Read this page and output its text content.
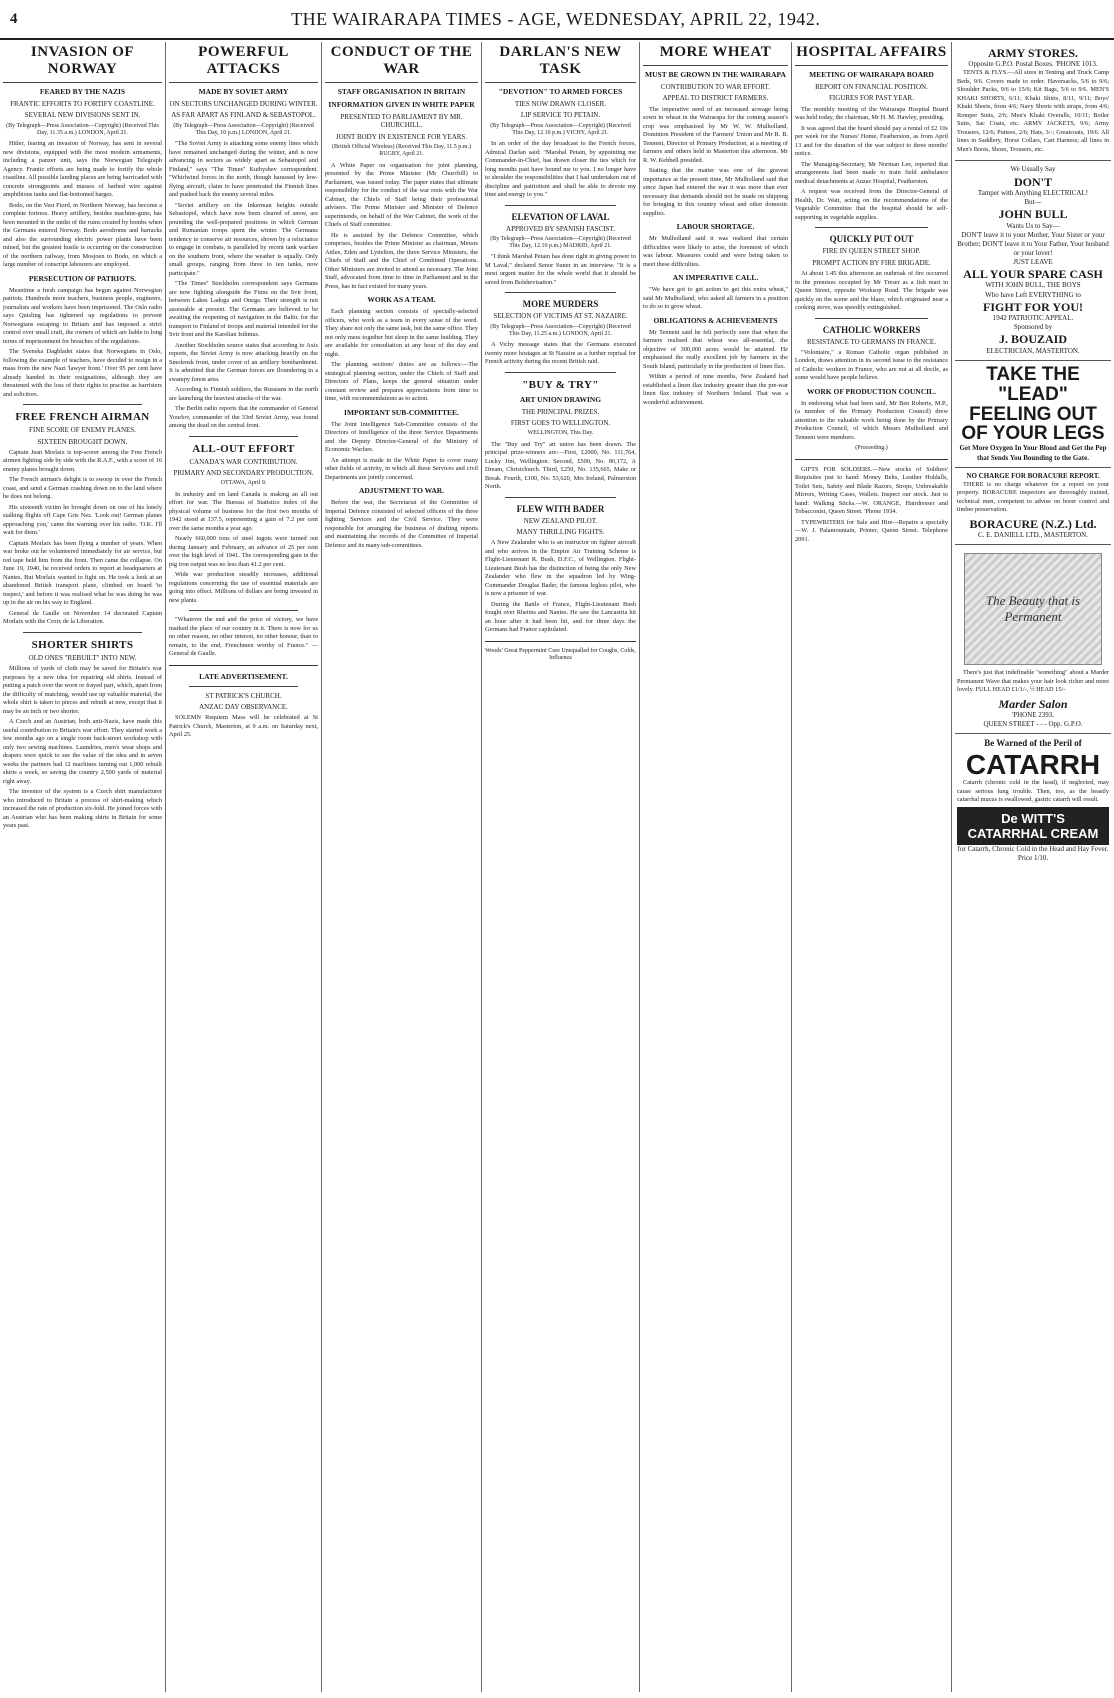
4	THE WAIRARAPA TIMES - AGE, WEDNESDAY, APRIL 22, 1942.
INVASION OF NORWAY
FEARED BY THE NAZIS
FRANTIC EFFORTS TO FORTIFY COASTLINE.
SEVERAL NEW DIVISIONS SENT IN.
(By Telegraph—Press Association—Copyright) (Received This Day, 11.35 a.m.) LONDON, April 21.

Hitler, fearing an invasion of Norway, has sent in several new divisions, equipped with the most modern armaments, including a panzer unit, says the Norwegian Telegraph Agency. Frantic efforts are being made to fortify the whole coastline. All possible landing places are being barricaded with concrete strongpoints and masses of barbed wire against amphibious tanks and flat-bottomed barges.

Bodo, on the Vest Fiord, in Northern Norway, has become a complete fortress. Heavy artillery, besides machine-guns, has been mounted in the midst of the ruins created by bombs when the Germans entered Norway. Bodo aerodrome and barracks and also the surrounding electric power plants have been mined, but the greatest hustle is occurring on the construction of the northern railway, from Mosjoen to Bodo, on which a large number of conscript labourers are employed.

PERSECUTION OF PATRIOTS.

Meantime a fresh campaign has begun against Norwegian patriots. Hundreds more teachers, business people, engineers, journalists and workers have been imprisoned. The Oslo radio says Quisling has tightened up regulations to prevent Norwegians escaping to Britain and has imposed a strict control over small craft, the owners of which are liable to long terms of imprisonment for breaches of the regulations.

The Svenska Dagbladet states that Norwegians in Oslo, following the example of teachers, have decided to resign in a mass from the new Nazi 'lawyer front.' Over 95 per cent have already handed in their resignations, although they are threatened with the loss of their rights to practise as barristers and solicitors.

FREE FRENCH AIRMAN
FINE SCORE OF ENEMY PLANES.
SIXTEEN BROUGHT DOWN.

Captain Jean Morlaix is top-scorer among the Free French airmen fighting side by side with the R.A.F., with a score of 16 enemy planes brought down.

The French airman's delight is to swoop in over the French coast, and send a German crashing down on to the land where he does not belong.

His sixteenth victim he brought down on one of his lonely stalking flights off Cape Gris Nez. 'Look out! German planes approaching you,' came the warning over his radio. 'O.K. I'll wait for them.'

Captain Morlaix has been flying a number of years. When war broke out he volunteered immediately for air service, but red tape held him from the front. Then came the collapse. On June 19, 1940, he received orders to report at headquarters at Nantes. But Morlaix wanted to fight on. He took a look at an abandoned British transport plane, climbed on board 'to inspect,' and before it was realised what he was doing he was up in the air on his way to England.

General de Gaulle on November 14 decorated Captain Morlaix with the Croix de la Liberation.

SHORTER SHIRTS
OLD ONES "REBUILT" INTO NEW.

Millions of yards of cloth may be saved for Britain's war purposes by a new idea for repairing old shirts. Instead of putting a patch over the worn or frayed part, which, apart from the difficulty of matching, would use up valuable material, the whole shirt is taken to pieces and rebuilt at new, except that it may be an inch or two shorter.

A Czech and an Austrian, both anti-Nazis, have made this useful contribution to Britain's war effort. They started work a few months ago on a single room back-street workshop with only two sewing machines. Laundries, men's wear shops and drapers were quick to see the value of the idea and in seven weeks the partners had 12 machines turning out 1,000 rebuilt shirts a week, so saving the country 2,500 yards of material right away.

The inventor of the system is a Czech shirt manufacturer who introduced to Britain a process of shirt-making which increased the rate of production six-fold. He joined forces with an Austrian who has been making shirts in Britain for some years past.

POWERFUL ATTACKS
MADE BY SOVIET ARMY
ON SECTORS UNCHANGED DURING WINTER.
AS FAR APART AS FINLAND & SEBASTOPOL.
(By Telegraph—Press Association—Copyright) (Received This Day, 10 p.m.) LONDON, April 21.

"The Soviet Army is attacking some enemy lines which have remained unchanged during the winter, and is now advancing in sectors as widely apart as Sebastopol and Finland," says "The Times" Kuibyshev correspondent. "Whirlwind forces in the north, though harassed by low-flying aircraft, claim to have penetrated the Finnish lines and pushed back the enemy several miles.

"Soviet artillery on the Inkerman heights outside Sebastopol, which have now been cleared of snow, are pounding the well-prepared positions in which German and Rumanian troops spent the winter. The Germans tendency to conserve air resources, shown by a reluctance to engage in combats, is paralleled by recent tank warfare on the southern front, where the weather is squally. Only small groups, ranging from three to ten tanks, now participate."

"The Times" Stockholm correspondent says Germans are now fighting alongside the Finns on the Svir front, between Lakes Ladoga and Onega. Their strength is not assessable at present. The Germans are believed to be awaiting the reopening of navigation in the Baltic for the transport to Finland of troops and material intended for the Svir front and the Karelian Isthmus.

Another Stockholm source states that according to Axis reports, the Soviet Army is now attacking heavily on the Smolensk front, under cover of an artillery bombardment. It is admitted that the German forces are floundering in a swampy forest area.

According to Finnish soldiers, the Russians in the north are launching the heaviest attacks of the war.

The Berlin radio reports that the commander of General Yourlov, commander of the 33rd Soviet Army, was found among the dead on the central front.

ALL-OUT EFFORT
CANADA'S WAR CONTRIBUTION.
PRIMARY AND SECONDARY PRODUCTION.
OTTAWA, April 9.

In industry and on land Canada is making an all out effort for war. The Bureau of Statistics index of the physical volume of business for the first two months of 1942 stood at 137.5, representing a gain of 7.2 per cent over the same months a year ago.

Nearly 660,000 tons of steel ingots were turned out during January and February, an advance of 25 per cent over the high level of 1941. The corresponding gain in the pig iron output was no less than 41.2 per cent.

Wide war production steadily increases, additional regulations concerning the use of essential materials are going into effect. Millions of dollars are being invested in new plants.

"Whatever the end and the price of victory, we have marked the place of our country in it. There is now for us no other reason, no other interest, no other honour, than to remain, to the end, Frenchmen worthy of France." —General de Gaulle.

LATE ADVERTISEMENT.
ST PATRICK'S CHURCH.
ANZAC DAY OBSERVANCE.

SOLEMN Requiem Mass will be celebrated at St Patrick's Church, Masterton, at 9 a.m. on Saturday next, April 25.

CONDUCT OF THE WAR
STAFF ORGANISATION IN BRITAIN
INFORMATION GIVEN IN WHITE PAPER
PRESENTED TO PARLIAMENT BY MR. CHURCHILL.
JOINT BODY IN EXISTENCE FOR YEARS.
(British Official Wireless) (Received This Day, 11.5 p.m.) RUGBY, April 21.

A White Paper on organisation for joint planning, presented by the Prime Minister (Mr Churchill) to Parliament, was issued today. The paper states that ultimate responsibility for the conduct of the war rests with the War Cabinet, the Chiefs of Staff being their professional advisers. The Prime Minister and Minister of Defence superintends, on behalf of the War Cabinet, the work of the Chiefs of Staff committee.

He is assisted by the Defence Committee, which comprises, besides the Prime Minister as chairman, Messrs Attlee, Eden and Lyttelton, the three Service Ministers, the Chiefs of Staff and the Chief of Combined Operations. Other Ministers are invited to attend as necessary. The Joint Staff, advocated from time to time in Parliament and in the Press, has in fact existed for many years.

WORK AS A TEAM.

Each planning section consists of specially-selected officers, who work as a team in every sense of the word. They share not only the same task, but the same office. They not only mess together but sleep in the same building. They are available for consultation at any hour of the day and night.

The planning sections' duties are as follows:—The strategical planning section, under the Chiefs of Staff and Directors of Plans, keeps the general situation under constant review and prepares appreciations from time to time, with recommendations as to action.

IMPORTANT SUB-COMMITTEE.

The Joint Intelligence Sub-Committee consists of the Directors of Intelligence of the three Service Departments and the Deputy Director-General of the Ministry of Economic Warfare.

An attempt is made in the White Paper to cover many other fields of activity, in which all these Services and civil Departments are jointly concerned.

ADJUSTMENT TO WAR.

Before the war, the Secretariat of the Committee of Imperial Defence consisted of selected officers of the three fighting Services and the Civil Service. They were responsible for arranging the business of drafting reports and maintaining the records of the Committee of Imperial Defence and its many sub-committees.

DARLAN'S NEW TASK
"DEVOTION" TO ARMED FORCES
TIES NOW DRAWN CLOSER.
LIP SERVICE TO PETAIN.
(By Telegraph—Press Association—Copyright) (Received This Day, 12.10 p.m.) VICHY, April 21.

In an order of the day broadcast to the French forces, Admiral Darlan said: "Marshal Petain, by appointing me Commander-in-Chief, has drawn closer the ties which for long months past have bound me to you. I no longer have to shoulder the responsibilities that I had undertaken out of discipline and patriotism and shall be able to devote my time and energy to you."

ELEVATION OF LAVAL
APPROVED BY SPANISH FASCIST.
(By Telegraph—Press Association—Copyright) (Received This Day, 12.10 p.m.) MADRID, April 21.

"I think Marshal Petain has done right in giving power to M Laval," declared Senor Suner in an interview. "It is a most urgent matter for the whole world that it should be saved from Bolshevisation."

MORE MURDERS
SELECTION OF VICTIMS AT ST. NAZAIRE.
(By Telegraph—Press Association—Copyright) (Received This Day, 11.25 a.m.) LONDON, April 21.

A Vichy message states that the Germans executed twenty more hostages at St Nazaire as a further reprisal for French activity during the recent British raid.

"BUY & TRY"
ART UNION DRAWING
THE PRINCIPAL PRIZES.
FIRST GOES TO WELLINGTON.
WELLINGTON, This Day.

The "Buy and Try" art union has been drawn. The principal prize-winners are:—First, £2000, No. 111,764, Lucky Jim, Wellington. Second, £500, No. 80,172, A Dream, Christchurch. Third, £250, No. 135,665, Make or Break. Fourth, £100, No. 53,620, Mrs Ireland, Palmerston North.

FLEW WITH BADER
NEW ZEALAND PILOT.
MANY THRILLING FIGHTS.

A New Zealander who is an instructor on fighter aircraft and who arrives in the Empire Air Training Scheme is Flight-Lieutenant R. Bush, D.F.C., of Wellington. Flight-Lieutenant Bush has the distinction of being the only New Zealander who flew in the squadron led by Wing-Commander Douglas Bader, the famous legless pilot, who is now a prisoner of war.

During the Battle of France, Flight-Lieutenant Bush fought over Rheims and Nantes. He saw the Lancastria hit an hour after it had been hit, and for three days the Germans had France capitulated.

Woods' Great Peppermint Cure Unequalled for Coughs, Colds, Influenza
MORE WHEAT
MUST BE GROWN IN THE WAIRARAPA
CONTRIBUTION TO WAR EFFORT.
APPEAL TO DISTRICT FARMERS.

The imperative need of an increased acreage being sown in wheat in the Wairarapa for the coming season's crop was emphasised by Mr W. W. Mulholland, Dominion President of the Farmers' Union and Mr R. B. Tennent, Director of Primary Production, at a meeting of farmers and others held in Masterton this afternoon. Mr R. W. Kebbell presided.

Stating that the matter was one of the gravest importance at the present time, Mr Mulholland said that since Japan had entered the war it was more than ever necessary that demands should not be made on shipping for bringing to this country wheat and other domestic supplies.

LABOUR SHORTAGE.

Mr Mulholland said it was realised that certain difficulties were likely to arise, the foremost of which was labour. Measures could and were being taken to meet these difficulties.

AN IMPERATIVE CALL.

"We have got to get action to get this extra wheat," said Mr Mulholland, who asked all farmers in a position to do so to grow wheat.

OBLIGATIONS & ACHIEVEMENTS

Mr Tennent said he felt perfectly sure that when the farmers realised that wheat was all-essential, the objective of 300,000 acres would be attained. He emphasised the really excellent job by farmers in the South Island, particularly in the production of linen flax.

Within a period of nine months, New Zealand had established a linen flax industry greater than the pre-war linen flax industry of Northern Ireland. That was a wonderful achievement.

HOSPITAL AFFAIRS
MEETING OF WAIRARAPA BOARD
REPORT ON FINANCIAL POSITION.
FIGURES FOR PAST YEAR.

The monthly meeting of the Wairarapa Hospital Board was held today, the chairman, Mr H. M. Hawley, presiding.

It was agreed that the board should pay a rental of £2 10s per week for the Nurses' Home, Featherston, as from April 13 and for the duration of the war subject to three months' notice.

The Managing-Secretary, Mr Norman Lee, reported that arrangements had been made to train field ambulance medical detachments at Anzac Hospital, Featherston.

A request was received from the Director-General of Health, Dr. Watt, acting on the recommendations of the Vegetable Committee that the hospital should be self-supporting in vegetable supplies.

QUICKLY PUT OUT
FIRE IN QUEEN STREET SHOP.
PROMPT ACTION BY FIRE BRIGADE.

At about 1.45 this afternoon an outbreak of fire occurred in the premises occupied by Mr Treser as a fish mart in Queen Street, opposite Worksop Road. The brigade was quickly on the scene and the blaze, which originated near a cooking stove, was speedily extinguished.

CATHOLIC WORKERS
RESISTANCE TO GERMANS IN FRANCE.

"Volontaire," a Roman Catholic organ published in London, draws attention in its second issue to the resistance of Catholic workers in France, who are not at all docile, as some would have people believe.

WORK OF PRODUCTION COUNCIL.

In endorsing what had been said, Mr Ben Roberts, M.P., (a member of the Primary Production Council) drew attention to the valuable work being done by the Primary Production Council, of which Messrs Mulholland and Tennent were members.

(Proceeding.)

GIFTS FOR SOLDIERS.—New stocks of Soldiers' Requisites just to hand: Money Belts, Leather Holdalls, Toilet Sets, Safety and Blade Razors, Strops, Unbreakable Mirrors, Writing Cases, Wallets. Inspect our stock. Just to hand: Walking Sticks.—W. ORANGE, Hairdresser and Tobacconist, Queen Street. 'Phone 1934.

TYPEWRITERS for Sale and Hire—Repairs a specialty—W. J. Palamountain, Printer, Queen Street. Telephone 2091.

ARMY STORES.
Opposite G.P.O. Postal Boxes. 'PHONE 1013.

TENTS & FLYS.—All sizes in Tenting and Truck Camp Beds, 9/6. Covers made to order. Haversacks, 5/6 to 9/6; Shoulder Packs, 9/6 to 15/6; Kit Bags, 5/6 to 9/6. MEN'S KHAKI SHORTS, 6/11; Khaki Shirts, 8/11, 9/11; Boys' Khaki Shorts, from 4/6; Navy Shorts with straps, from 4/6; Romper Suits, 2/6; Men's Khaki Overalls, 10/11; Boiler Suits, Sac Coats, etc. ARMY JACKETS, 9/6; Army Trousers, 12/6; Puttees, 2/6; Hats, 3/-; Greatcoats, 19/6. All lines in Saddlery, Horse Collars, Cart Harness; all lines in Men's Boots, Shoes, Trousers, etc.

We Usually Say
DON'T
Tamper with Anything ELECTRICAL!
But—
JOHN BULL
Wants Us to Say—
DON'T leave it to your Mother, Your Sister or your Brother; DON'T leave it to Your Father, Your husband or your lover!
JUST LEAVE
ALL YOUR SPARE CASH
WITH JOHN BULL, THE BOYS
Who have Left EVERYTHING to
FIGHT FOR YOU!
1942 PATRIOTIC APPEAL.
Sponsored by
J. BOUZAID
ELECTRICIAN, MASTERTON.
TAKE THE "LEAD" FEELING OUT OF YOUR LEGS
Get More Oxygen In Your Blood and Get the Pep that Sends You Bounding to the Gate.
NO CHARGE FOR BORACURE REPORT.

THERE is no charge whatever for a report on your property. BORACURE inspectors are thoroughly trained, technical men, competent to advise on borer control and timber preservation.

BORACURE (N.Z.) Ltd.
C. E. DANIELL LTD., MASTERTON.
The Beauty that is Permanent

There's just that indefinable "something" about a Marder Permanent Wave that makes your hair look richer and more lovely. FULL HEAD £1/1/-, ½ HEAD 15/-

Marder Salon
'PHONE 2393.
QUEEN STREET - - - Opp. G.P.O.
Be Warned of the Peril of
CATARRH

Catarrh (chronic cold in the head), if neglected, may cause serious lung trouble. Then, too, as the beastly catarrhal mucus is swallowed, gastric catarrh will result.

De WITT'S CATARRHAL CREAM
for Catarrh, Chronic Cold in the Head and Hay Fever. Price 1/10.
